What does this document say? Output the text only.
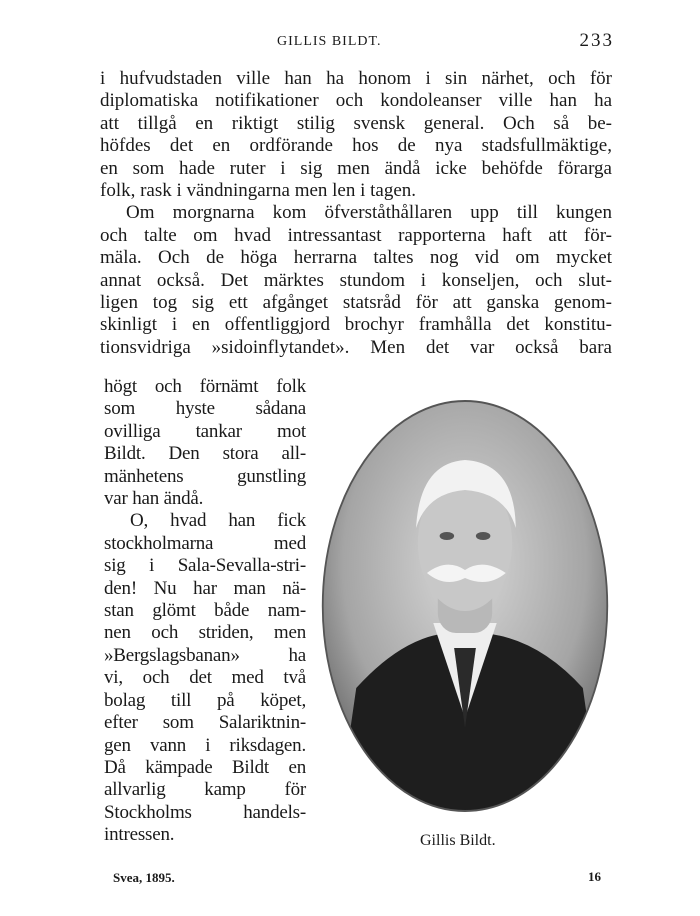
GILLIS BILDT.	233
i hufvudstaden ville han ha honom i sin närhet, och för
diplomatiska notifikationer och kondoleanser ville han ha
att tillgå en riktigt stilig svensk general. Och så be-
höfdes det en ordförande hos de nya stadsfullmäktige,
en som hade ruter i sig men ändå icke behöfde förarga
folk, rask i vändningarna men len i tagen.
Om morgnarna kom öfverståthållaren upp till kungen
och talte om hvad intressantast rapporterna haft att för-
mäla. Och de höga herrarna taltes nog vid om mycket
annat också. Det märktes stundom i konseljen, och slut-
ligen tog sig ett afgånget statsråd för att ganska genom-
skinligt i en offentliggjord brochyr framhålla det konstitu-
tionsvidriga »sidoinflytandet». Men det var också bara
högt och förnämt folk
som hyste sådana
ovilliga tankar mot
Bildt. Den stora all-
mänhetens gunstling
var han ändå.
O, hvad han fick
stockholmarna med
sig i Sala-Sevalla-stri-
den! Nu har man nä-
stan glömt både nam-
nen och striden, men
»Bergslagsbanan» ha
vi, och det med två
bolag till på köpet,
efter som Salariktnin-
gen vann i riksdagen.
Då kämpade Bildt en
allvarlig kamp för
Stockholms handels-
intressen.	Gillis Bildt.
Svea, 1895.	16
